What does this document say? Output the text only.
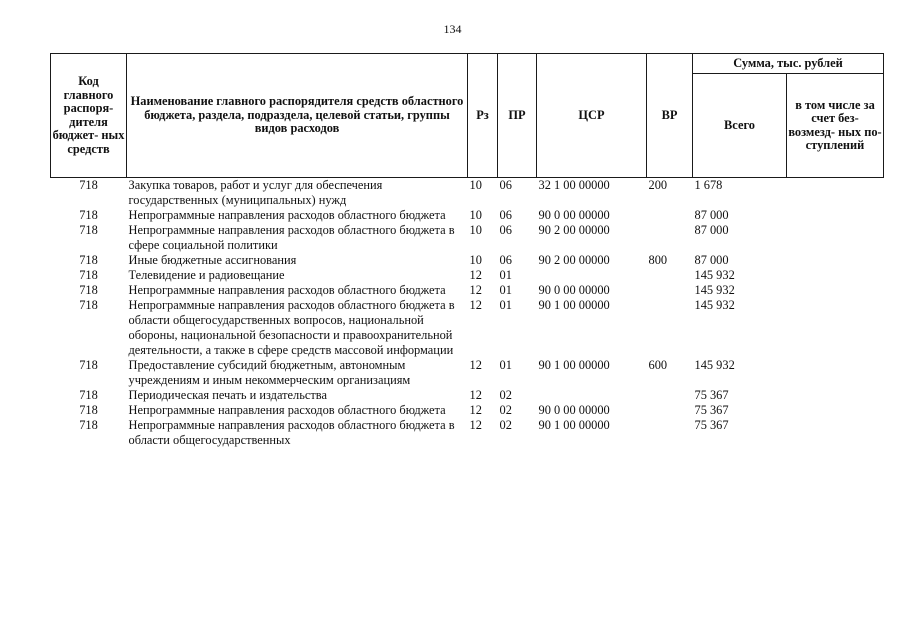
134
Код главного распоря- дителя бюджет- ных средств	Наименование главного распорядителя средств областного бюджета, раздела, подраздела, целевой статьи, группы видов расходов	Рз	ПР	ЦСР	ВР	Сумма, тыс. рублей	
						Всего	в том числе за счет без- возмезд- ных по- ступлений
718	Закупка товаров, работ и услуг для обеспечения государственных (муниципальных) нужд	10	06	32 1 00 00000	200	1 678	
718	Непрограммные направления расходов областного бюджета	10	06	90 0 00 00000		87 000	
718	Непрограммные направления расходов областного бюджета в сфере социальной политики	10	06	90 2 00 00000		87 000	
718	Иные бюджетные ассигнования	10	06	90 2 00 00000	800	87 000	
718	Телевидение и радиовещание	12	01			145 932	
718	Непрограммные направления расходов областного бюджета	12	01	90 0 00 00000		145 932	
718	Непрограммные направления расходов областного бюджета в области общегосударственных вопросов, национальной обороны, национальной безопасности и правоохранительной деятельности, а также в сфере средств массовой информации	12	01	90 1 00 00000		145 932	
718	Предоставление субсидий бюджетным, автономным учреждениям и иным некоммерческим организациям	12	01	90 1 00 00000	600	145 932	
718	Периодическая печать и издательства	12	02			75 367	
718	Непрограммные направления расходов областного бюджета	12	02	90 0 00 00000		75 367	
718	Непрограммные направления расходов областного бюджета в области общегосударственных	12	02	90 1 00 00000		75 367	
